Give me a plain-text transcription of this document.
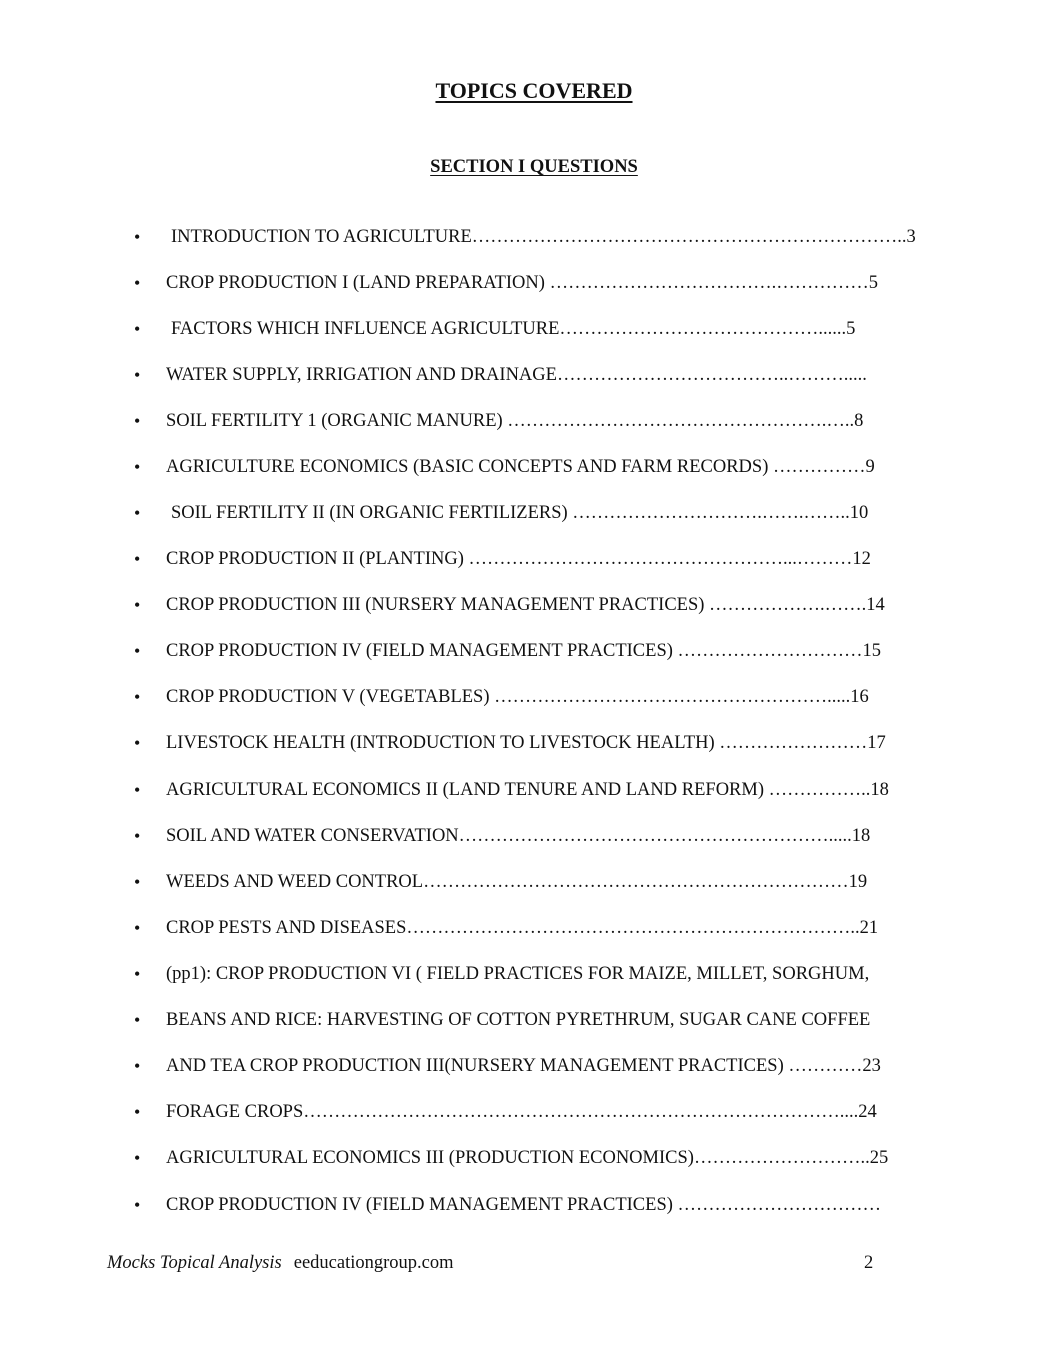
TOPICS COVERED
SECTION I QUESTIONS
• INTRODUCTION TO AGRICULTURE……………………………………………………………..3
• CROP PRODUCTION I (LAND PREPARATION) ……………………………….……………5
• FACTORS WHICH INFLUENCE AGRICULTURE……………………………………......5
• WATER SUPPLY, IRRIGATION AND DRAINAGE………………………………..……….....
• SOIL FERTILITY 1 (ORGANIC MANURE) …………………………………………….…..8
• AGRICULTURE ECONOMICS (BASIC CONCEPTS AND FARM RECORDS) ……………9
• SOIL FERTILITY II (IN ORGANIC FERTILIZERS) ………………………….…….……..10
• CROP PRODUCTION II (PLANTING) ……………………………………………...………12
• CROP PRODUCTION III (NURSERY MANAGEMENT PRACTICES) ……………….…….14
• CROP PRODUCTION IV (FIELD MANAGEMENT PRACTICES) …………………………15
• CROP PRODUCTION V (VEGETABLES) ……………………………………………….....16
• LIVESTOCK HEALTH (INTRODUCTION TO LIVESTOCK HEALTH) ……………………17
• AGRICULTURAL ECONOMICS II (LAND TENURE AND LAND REFORM) ……………..18
• SOIL AND WATER CONSERVATION…………………………………………………….....18
• WEEDS AND WEED CONTROL……………………………………………………………19
• CROP PESTS AND DISEASES………………………………………………………………..21
• (pp1): CROP PRODUCTION VI ( FIELD PRACTICES FOR MAIZE, MILLET, SORGHUM,
• BEANS AND RICE: HARVESTING OF COTTON PYRETHRUM, SUGAR CANE COFFEE
• AND TEA CROP PRODUCTION III(NURSERY MANAGEMENT PRACTICES) …………23
• FORAGE CROPS……………………………………………………………………………....24
• AGRICULTURAL ECONOMICS III (PRODUCTION ECONOMICS)………………………..25
• CROP PRODUCTION IV (FIELD MANAGEMENT PRACTICES) ……………………………
Mocks Topical Analysis eeducationgroup.com	2
